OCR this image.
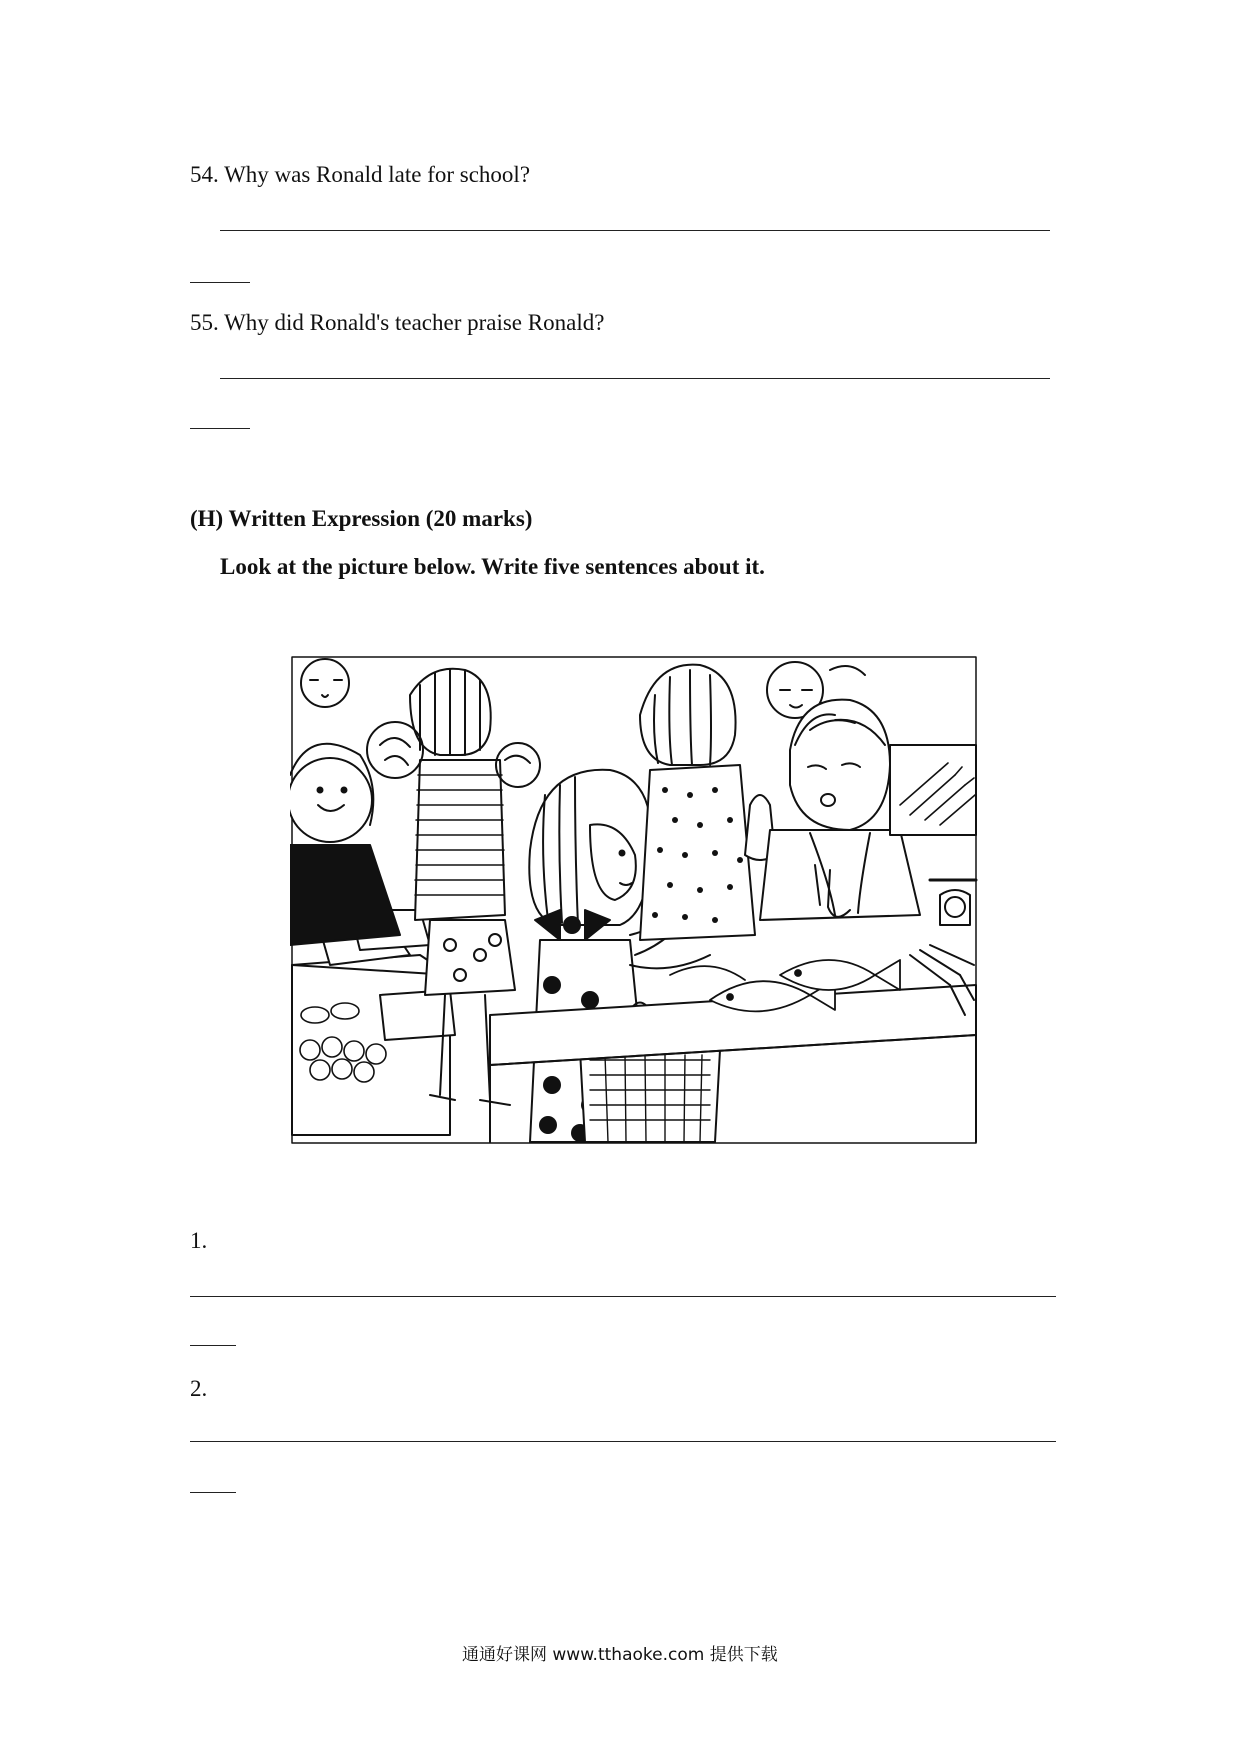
54. Why was Ronald late for school?
55. Why did Ronald's teacher praise Ronald?
(H) Written Expression (20 marks)
Look at the picture below. Write five sentences about it.
1.
2.
通通好课网 www.tthaoke.com 提供下载
